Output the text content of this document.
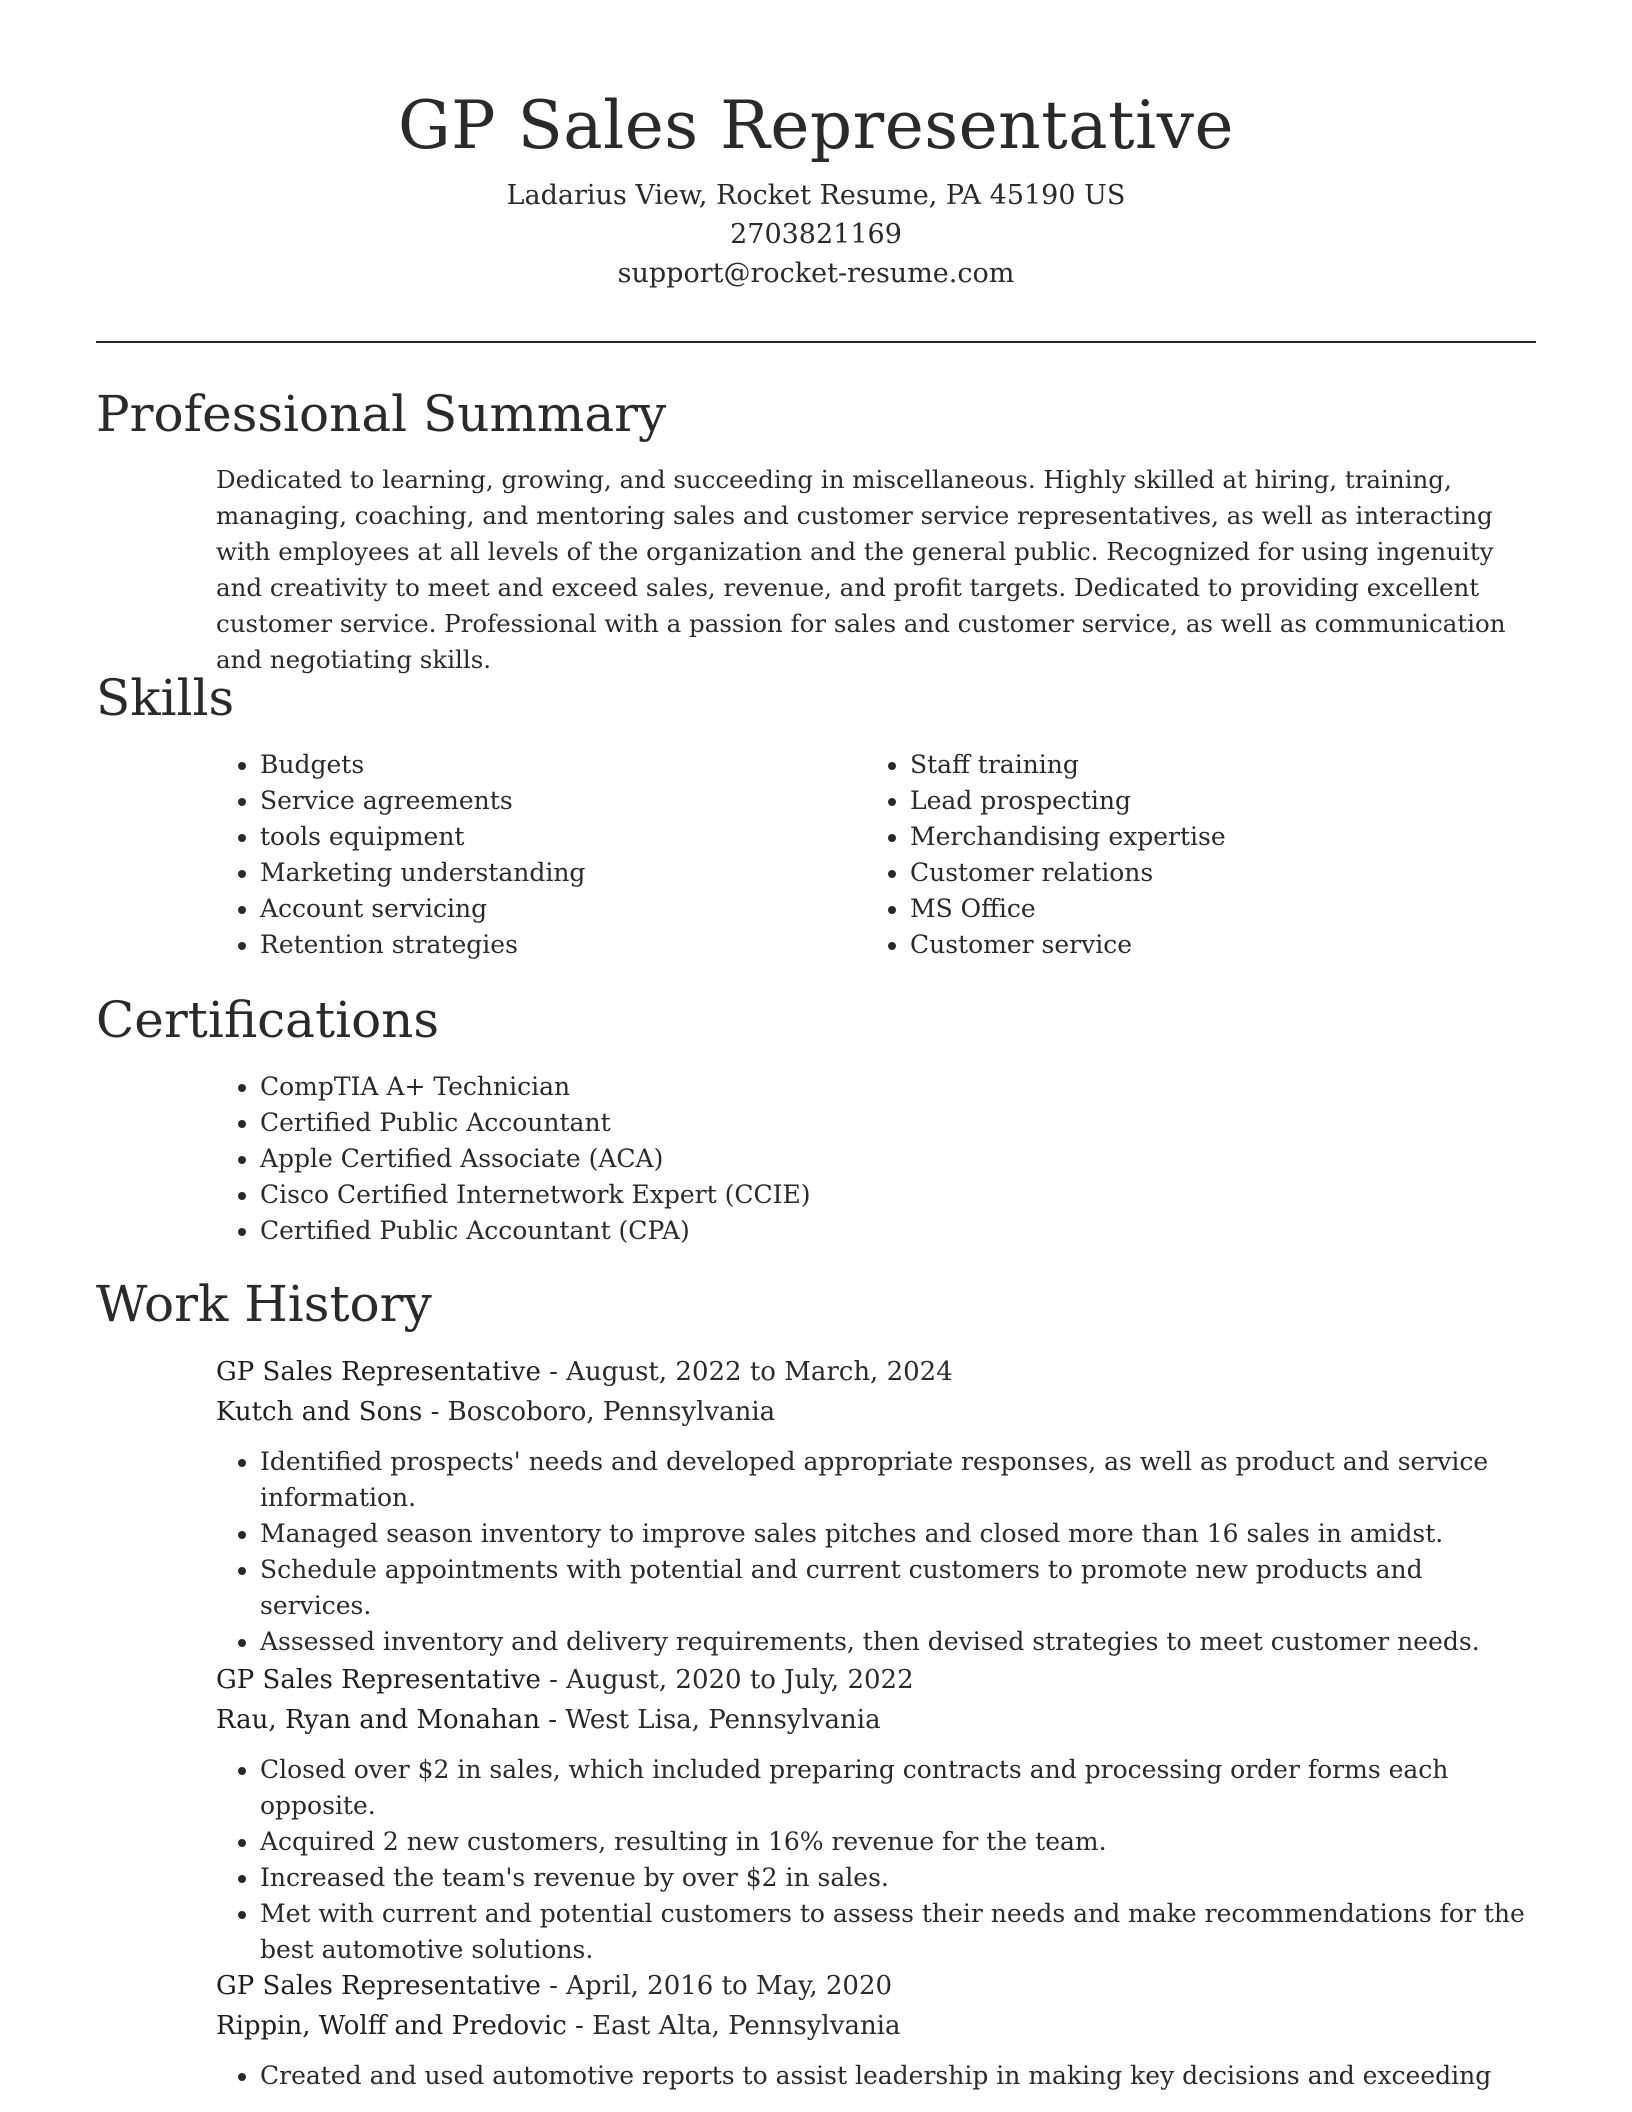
GP Sales Representative
Ladarius View, Rocket Resume, PA 45190 US
2703821169
support@rocket-resume.com
Professional Summary

Dedicated to learning, growing, and succeeding in miscellaneous. Highly skilled at hiring, training, managing, coaching, and mentoring sales and customer service representatives, as well as interacting with employees at all levels of the organization and the general public. Recognized for using ingenuity and creativity to meet and exceed sales, revenue, and profit targets. Dedicated to providing excellent customer service. Professional with a passion for sales and customer service, as well as communication and negotiating skills.

Skills
• Budgets
• Service agreements
• tools equipment
• Marketing understanding
• Account servicing
• Retention strategies
• Staff training
• Lead prospecting
• Merchandising expertise
• Customer relations
• MS Office
• Customer service
Certifications
• CompTIA A+ Technician
• Certified Public Accountant
• Apple Certified Associate (ACA)
• Cisco Certified Internetwork Expert (CCIE)
• Certified Public Accountant (CPA)
Work History
GP Sales Representative - August, 2022 to March, 2024
Kutch and Sons - Boscoboro, Pennsylvania
• Identified prospects' needs and developed appropriate responses, as well as product and service information.
• Managed season inventory to improve sales pitches and closed more than 16 sales in amidst.
• Schedule appointments with potential and current customers to promote new products and services.
• Assessed inventory and delivery requirements, then devised strategies to meet customer needs.
GP Sales Representative - August, 2020 to July, 2022
Rau, Ryan and Monahan - West Lisa, Pennsylvania
• Closed over $2 in sales, which included preparing contracts and processing order forms each opposite.
• Acquired 2 new customers, resulting in 16% revenue for the team.
• Increased the team's revenue by over $2 in sales.
• Met with current and potential customers to assess their needs and make recommendations for the best automotive solutions.
GP Sales Representative - April, 2016 to May, 2020
Rippin, Wolff and Predovic - East Alta, Pennsylvania
• Created and used automotive reports to assist leadership in making key decisions and exceeding
